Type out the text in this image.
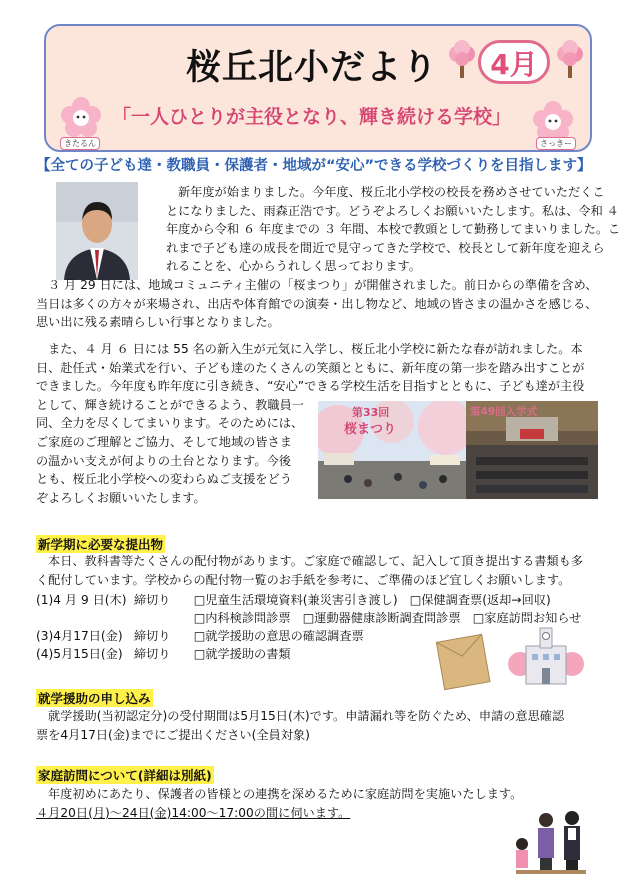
桜丘北小だより	4月
きたるん
「一人ひとりが主役となり、輝き続ける学校」
さっきー
【全ての子ども達・教職員・保護者・地域が“安心”できる学校づくりを目指します】
新年度が始まりました。今年度、桜丘北小学校の校長を務めさせていただくこ
とになりました、雨森正浩です。どうぞよろしくお願いいたします。私は、令和 ４
年度から令和 ６ 年度までの ３ 年間、本校で教頭として勤務してまいりました。こ
れまで子ども達の成長を間近で見守ってきた学校で、校長として新年度を迎えら
れることを、心からうれしく思っております。
３ 月 29 日には、地域コミュニティ主催の「桜まつり」が開催されました。前日からの準備を含め、
当日は多くの方々が来場され、出店や体育館での演奏・出し物など、地域の皆さまの温かさを感じる、
思い出に残る素晴らしい行事となりました。
また、４ 月 ６ 日には 55 名の新入生が元気に入学し、桜丘北小学校に新たな春が訪れました。本
日、赴任式・始業式を行い、子ども達のたくさんの笑顔とともに、新年度の第一歩を踏み出すことが
できました。今年度も昨年度に引き続き、“安心”できる学校生活を目指すとともに、子ども達が主役
として、輝き続けることができるよう、教職員一
同、全力を尽くしてまいります。そのためには、
ご家庭のご理解とご協力、そして地域の皆さま
の温かい支えが何よりの土台となります。今後
とも、桜丘北小学校への変わらぬご支援をどう
ぞよろしくお願いいたします。
第33回
桜まつり
第49回入学式
新学期に必要な提出物
本日、教科書等たくさんの配付物があります。ご家庭で確認して、記入して頂き提出する書類も多
く配付しています。学校からの配付物一覧のお手紙を参考に、ご準備のほど宜しくお願いします。
(1)4 月 9 日(木) 締切り □児童生活環境資料(兼災害引き渡し)　□保健調査票(返却→回収)
□内科検診問診票　□運動器健康診断調査問診票　□家庭訪問お知らせ
(3)4月17日(金) 締切り □就学援助の意思の確認調査票
(4)5月15日(金) 締切り □就学援助の書類
就学援助の申し込み
就学援助(当初認定分)の受付期間は5月15日(木)です。申請漏れ等を防ぐため、申請の意思確認
票を4月17日(金)までにご提出ください(全員対象)
家庭訪問について(詳細は別紙)
年度初めにあたり、保護者の皆様との連携を深めるために家庭訪問を実施いたします。
４月20日(月)～24日(金)14:00～17:00の間に伺います。
